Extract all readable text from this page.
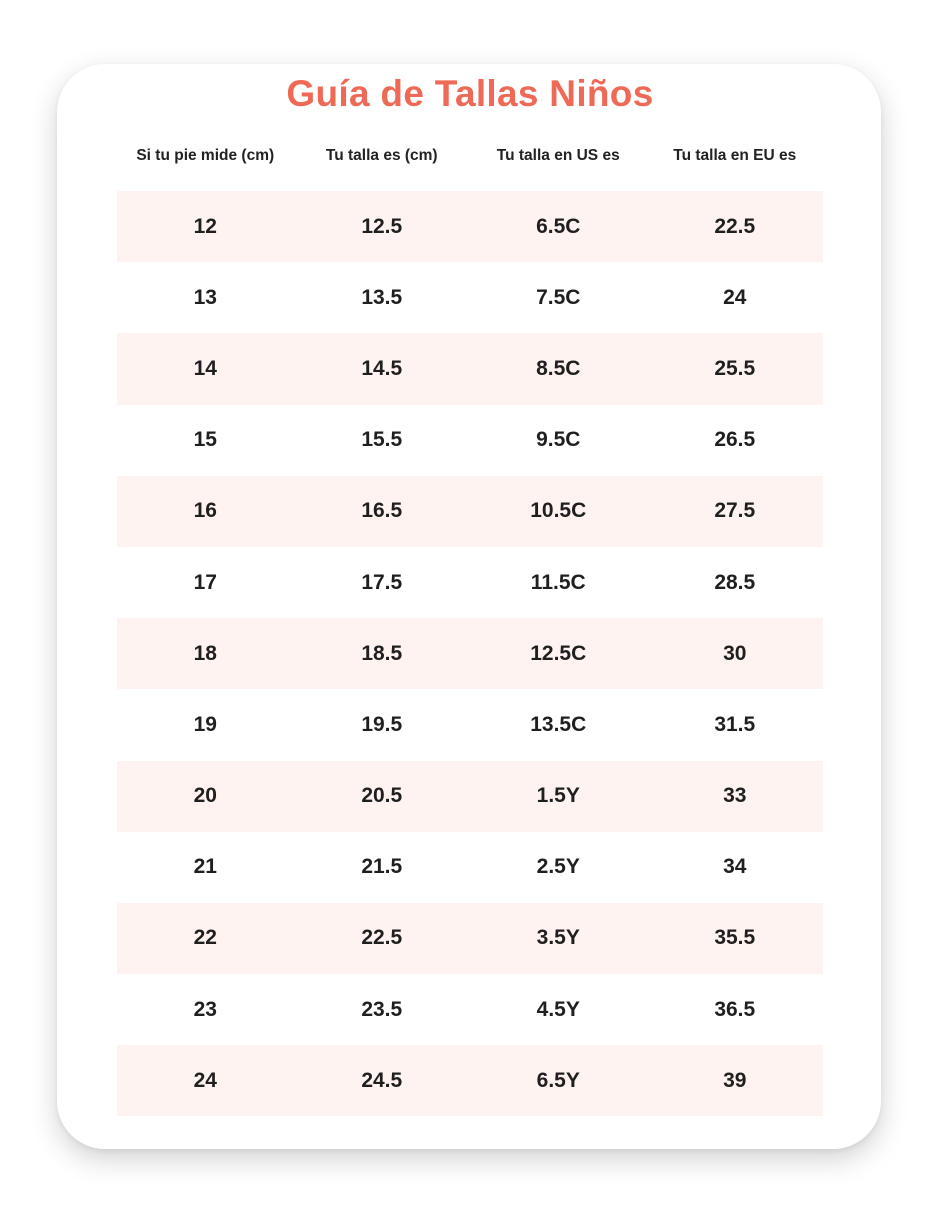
Guía de Tallas Niños
Si tu pie mide (cm)	Tu talla es (cm)	Tu talla en US es	Tu talla en EU es
12	12.5	6.5C	22.5
13	13.5	7.5C	24
14	14.5	8.5C	25.5
15	15.5	9.5C	26.5
16	16.5	10.5C	27.5
17	17.5	11.5C	28.5
18	18.5	12.5C	30
19	19.5	13.5C	31.5
20	20.5	1.5Y	33
21	21.5	2.5Y	34
22	22.5	3.5Y	35.5
23	23.5	4.5Y	36.5
24	24.5	6.5Y	39
